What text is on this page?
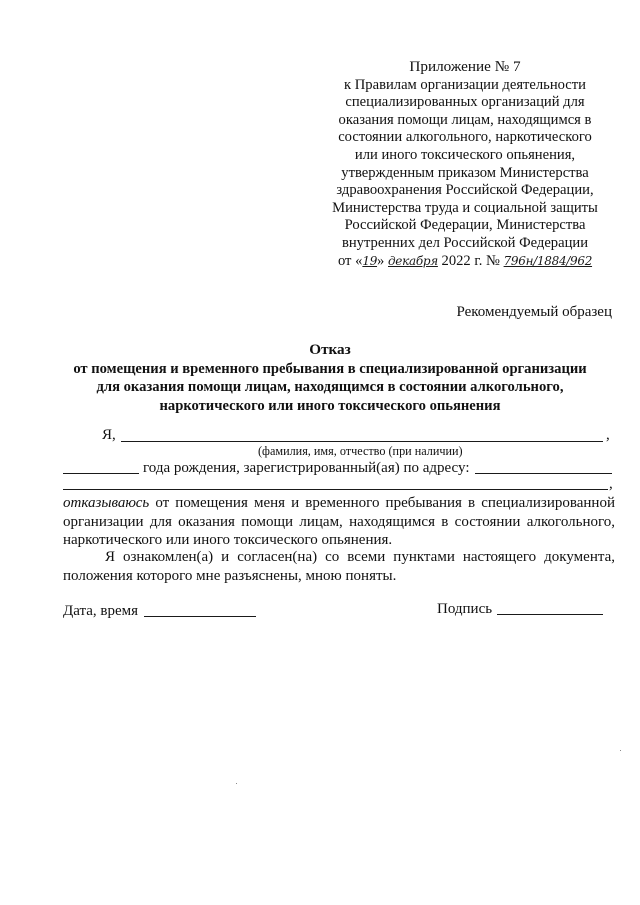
Приложение № 7
к Правилам организации деятельности
специализированных организаций для
оказания помощи лицам, находящимся в
состоянии алкогольного, наркотического
или иного токсического опьянения,
утвержденным приказом Министерства
здравоохранения Российской Федерации,
Министерства труда и социальной защиты
Российской Федерации, Министерства
внутренних дел Российской Федерации
от «19» декабря 2022 г. № 796н/1884/962
Рекомендуемый образец
Отказ
от помещения и временного пребывания в специализированной организации
для оказания помощи лицам, находящимся в состоянии алкогольного,
наркотического или иного токсического опьянения
Я,	,
(фамилия, имя, отчество (при наличии)
года рождения, зарегистрированный(ая) по адресу:
,
отказываюсь от помещения меня и временного пребывания в специализированной организации для оказания помощи лицам, находящимся в состоянии алкогольного, наркотического или иного токсического опьянения.
Я ознакомлен(а) и согласен(на) со всеми пунктами настоящего документа, положения которого мне разъяснены, мною поняты.
Дата, время	Подпись
